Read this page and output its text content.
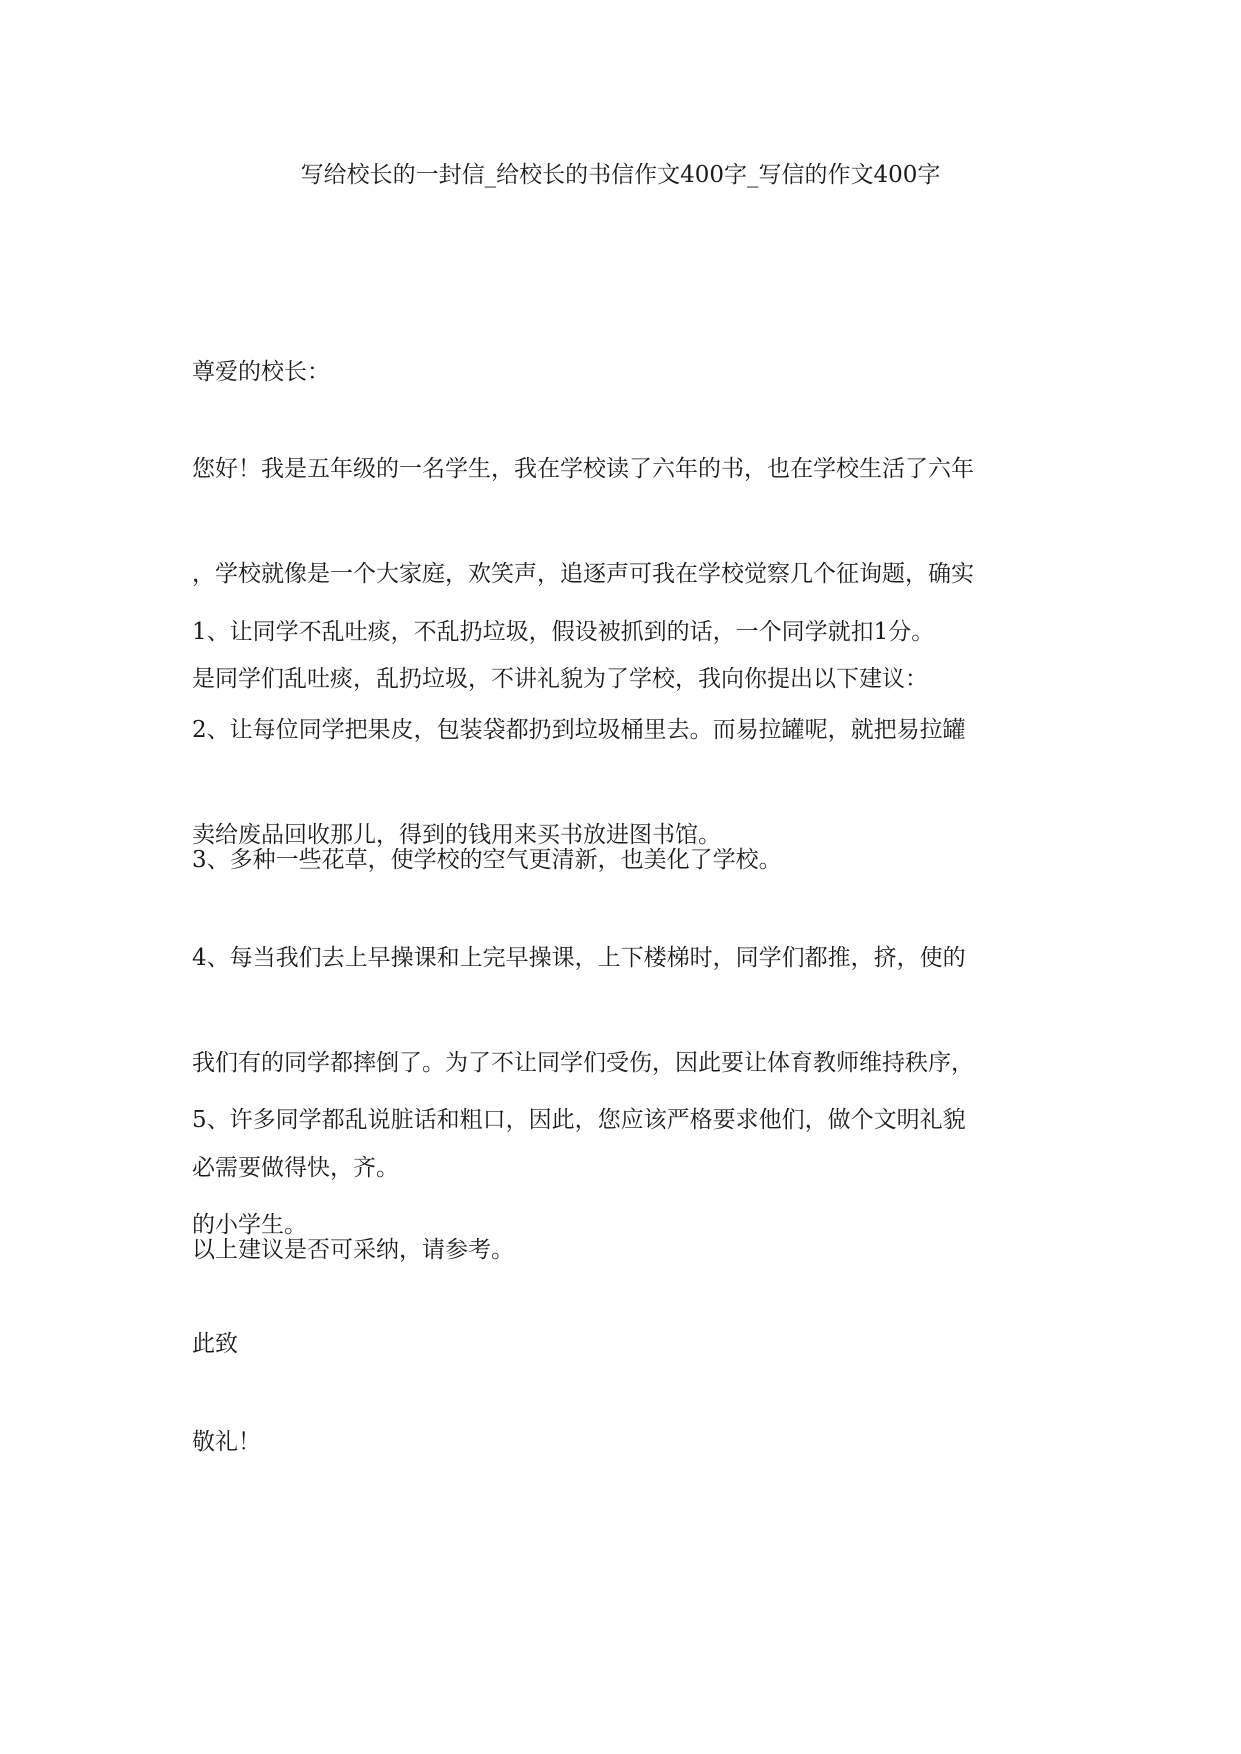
写给校长的一封信_给校长的书信作文400字_写信的作文400字

尊爱的校长：

您好！我是五年级的一名学生，我在学校读了六年的书，也在学校生活了六年

，学校就像是一个大家庭，欢笑声，追逐声可我在学校觉察几个征询题，确实

是同学们乱吐痰，乱扔垃圾，不讲礼貌为了学校，我向你提出以下建议：

1、让同学不乱吐痰，不乱扔垃圾，假设被抓到的话，一个同学就扣1分。

2、让每位同学把果皮，包装袋都扔到垃圾桶里去。而易拉罐呢，就把易拉罐

卖给废品回收那儿，得到的钱用来买书放进图书馆。

3、多种一些花草，使学校的空气更清新，也美化了学校。

4、每当我们去上早操课和上完早操课，上下楼梯时，同学们都推，挤，使的

我们有的同学都摔倒了。为了不让同学们受伤，因此要让体育教师维持秩序，

必需要做得快，齐。

5、许多同学都乱说脏话和粗口，因此，您应该严格要求他们，做个文明礼貌

的小学生。

以上建议是否可采纳，请参考。

此致

敬礼！
